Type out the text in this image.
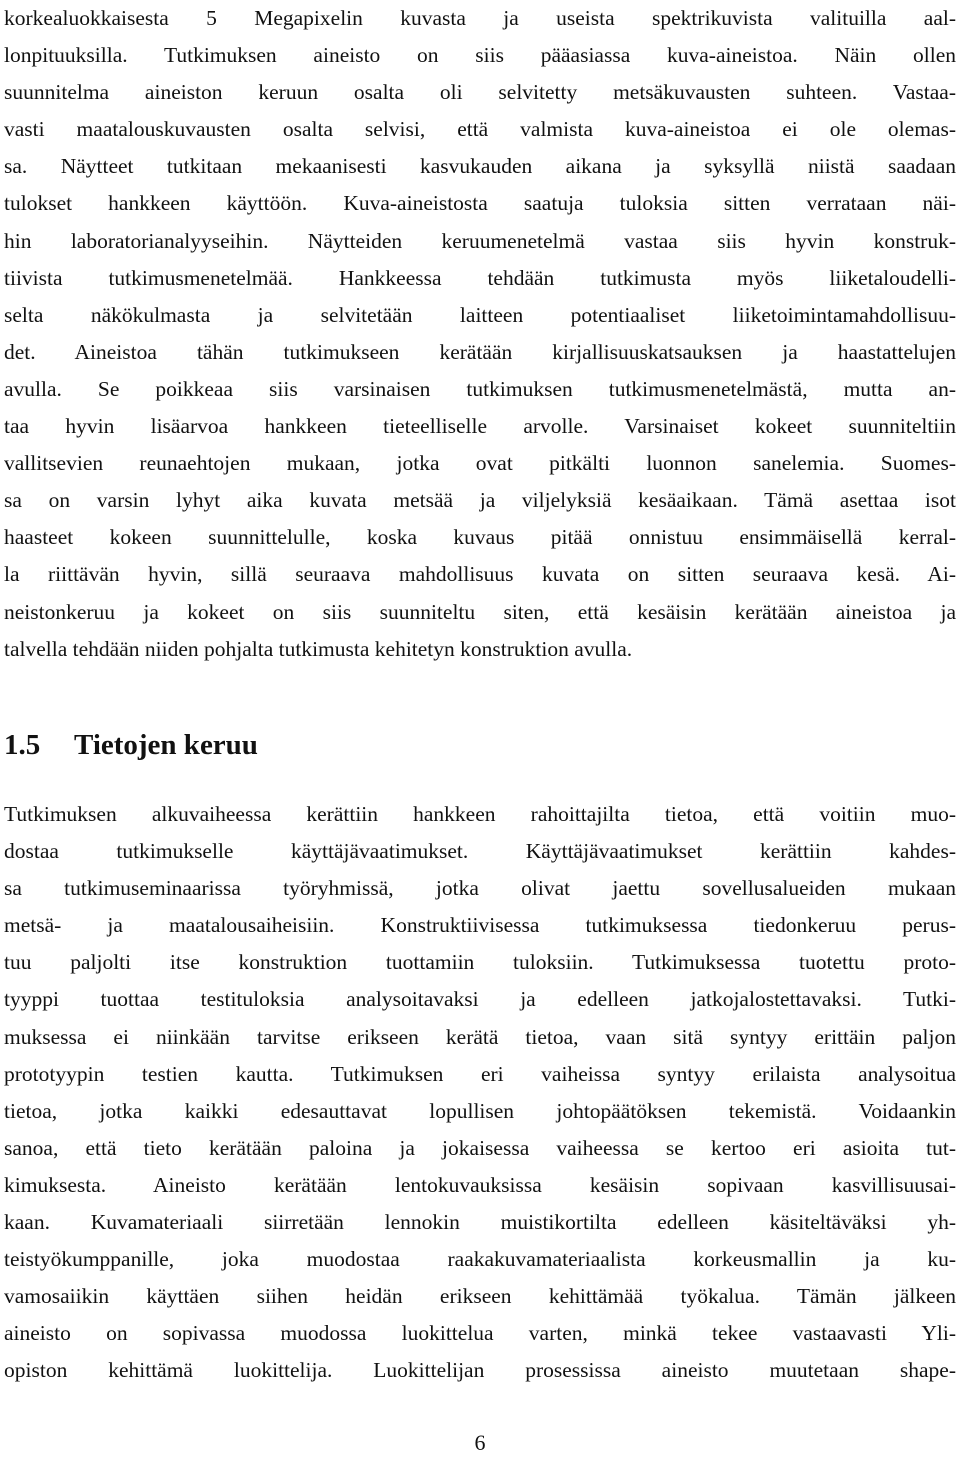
korkealuokkaisesta 5 Megapixelin kuvasta ja useista spektrikuvista valituilla aal-
lonpituuksilla. Tutkimuksen aineisto on siis pääasiassa kuva-aineistoa. Näin ollen
suunnitelma aineiston keruun osalta oli selvitetty metsäkuvausten suhteen. Vastaa-
vasti maatalouskuvausten osalta selvisi, että valmista kuva-aineistoa ei ole olemas-
sa. Näytteet tutkitaan mekaanisesti kasvukauden aikana ja syksyllä niistä saadaan
tulokset hankkeen käyttöön. Kuva-aineistosta saatuja tuloksia sitten verrataan näi-
hin laboratorianalyyseihin. Näytteiden keruumenetelmä vastaa siis hyvin konstruk-
tiivista tutkimusmenetelmää. Hankkeessa tehdään tutkimusta myös liiketaloudelli-
selta näkökulmasta ja selvitetään laitteen potentiaaliset liiketoimintamahdollisuu-
det. Aineistoa tähän tutkimukseen kerätään kirjallisuuskatsauksen ja haastattelujen
avulla. Se poikkeaa siis varsinaisen tutkimuksen tutkimusmenetelmästä, mutta an-
taa hyvin lisäarvoa hankkeen tieteelliselle arvolle. Varsinaiset kokeet suunniteltiin
vallitsevien reunaehtojen mukaan, jotka ovat pitkälti luonnon sanelemia. Suomes-
sa on varsin lyhyt aika kuvata metsää ja viljelyksiä kesäaikaan. Tämä asettaa isot
haasteet kokeen suunnittelulle, koska kuvaus pitää onnistuu ensimmäisellä kerral-
la riittävän hyvin, sillä seuraava mahdollisuus kuvata on sitten seuraava kesä. Ai-
neistonkeruu ja kokeet on siis suunniteltu siten, että kesäisin kerätään aineistoa ja
talvella tehdään niiden pohjalta tutkimusta kehitetyn konstruktion avulla.
1.5 Tietojen keruu
Tutkimuksen alkuvaiheessa kerättiin hankkeen rahoittajilta tietoa, että voitiin muo-
dostaa tutkimukselle käyttäjävaatimukset. Käyttäjävaatimukset kerättiin kahdes-
sa tutkimuseminaarissa työryhmissä, jotka olivat jaettu sovellusalueiden mukaan
metsä- ja maatalousaiheisiin. Konstruktiivisessa tutkimuksessa tiedonkeruu perus-
tuu paljolti itse konstruktion tuottamiin tuloksiin. Tutkimuksessa tuotettu proto-
tyyppi tuottaa testituloksia analysoitavaksi ja edelleen jatkojalostettavaksi. Tutki-
muksessa ei niinkään tarvitse erikseen kerätä tietoa, vaan sitä syntyy erittäin paljon
prototyypin testien kautta. Tutkimuksen eri vaiheissa syntyy erilaista analysoitua
tietoa, jotka kaikki edesauttavat lopullisen johtopäätöksen tekemistä. Voidaankin
sanoa, että tieto kerätään paloina ja jokaisessa vaiheessa se kertoo eri asioita tut-
kimuksesta. Aineisto kerätään lentokuvauksissa kesäisin sopivaan kasvillisuusai-
kaan. Kuvamateriaali siirretään lennokin muistikortilta edelleen käsiteltäväksi yh-
teistyökumppanille, joka muodostaa raakakuvamateriaalista korkeusmallin ja ku-
vamosaiikin käyttäen siihen heidän erikseen kehittämää työkalua. Tämän jälkeen
aineisto on sopivassa muodossa luokittelua varten, minkä tekee vastaavasti Yli-
opiston kehittämä luokittelija. Luokittelijan prosessissa aineisto muutetaan shape-
6
